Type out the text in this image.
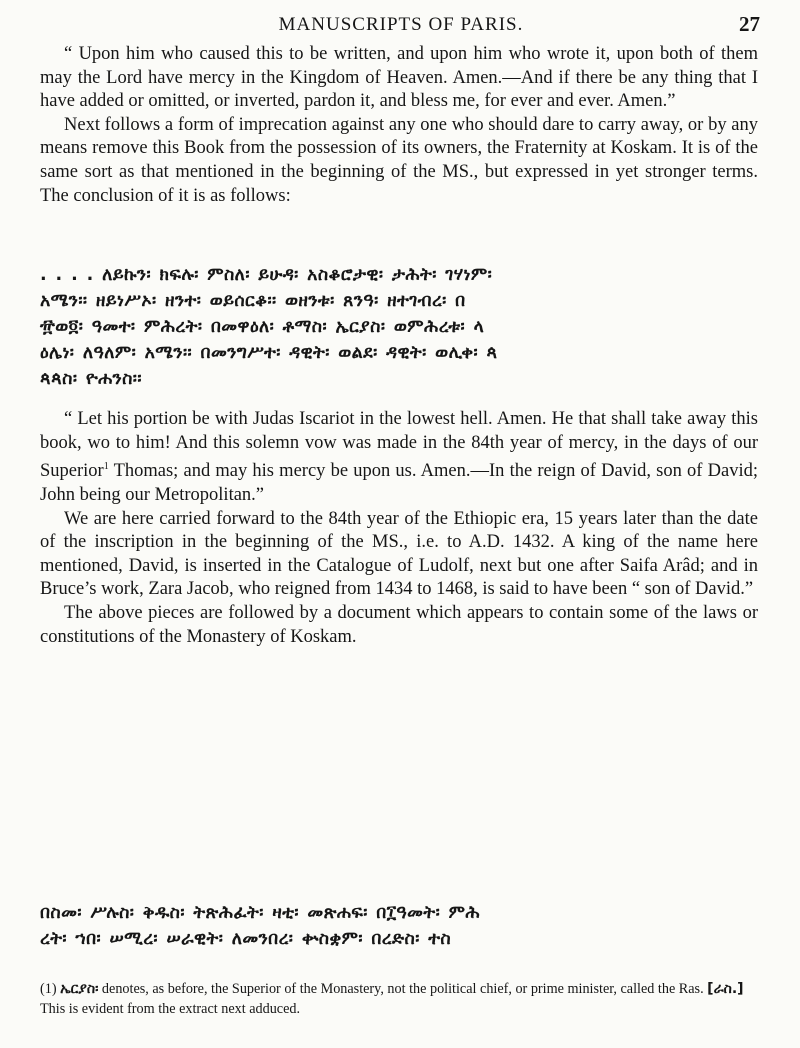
MANUSCRIPTS OF PARIS.	27

“ Upon him who caused this to be written, and upon him who wrote it, upon both of them may the Lord have mercy in the Kingdom of Heaven. Amen.—And if there be any thing that I have added or omitted, or inverted, pardon it, and bless me, for ever and ever. Amen.”

Next follows a form of imprecation against any one who should dare to carry away, or by any means remove this Book from the possession of its owners, the Fraternity at Koskam. It is of the same sort as that mentioned in the beginning of the MS., but expressed in yet stronger terms. The conclusion of it is as follows:

. . . . ለይኩን፡ ክፍሉ፡ ምስለ፡ ይሁዳ፡ አስቆሮታዊ፡ ታሕት፡ ገሃነም፡
አሜን፡፡ ዘይነሥኦ፡ ዘንተ፡ ወይሰርቆ፡፡ ወዘንቱ፡ ጸንዓ፡ ዘተገብረ፡ በ
፹ወ፬፡ ዓመተ፡ ምሕረት፡ በመዋዕለ፡ ቶማስ፡ ኤርያስ፡ ወምሕረቱ፡ ላ
ዕሌነ፡ ለዓለም፡ አሜን፡፡ በመንግሥተ፡ ዳዊት፡ ወልደ፡ ዳዊት፡ ወሊቀ፡ ጳ
ጳጳስ፡ ዮሐንስ፡፡

“ Let his portion be with Judas Iscariot in the lowest hell. Amen. He that shall take away this book, wo to him! And this solemn vow was made in the 84th year of mercy, in the days of our Superior$^1$ Thomas; and may his mercy be upon us. Amen.—In the reign of David, son of David; John being our Metropolitan.”

We are here carried forward to the 84th year of the Ethiopic era, 15 years later than the date of the inscription in the beginning of the MS., i.e. to A.D. 1432. A king of the name here mentioned, David, is inserted in the Catalogue of Ludolf, next but one after Saifa Arâd; and in Bruce’s work, Zara Jacob, who reigned from 1434 to 1468, is said to have been “ son of David.”

The above pieces are followed by a document which appears to contain some of the laws or constitutions of the Monastery of Koskam.

በስመ፡ ሥሉስ፡ ቅዱስ፡ ትጽሕፈት፡ ዛቲ፡ መጽሐፍ፡ በ፲ዓመት፡ ምሕ
ረት፡ ኀበ፡ ሠሚረ፡ ሠራዊት፡ ለመንበረ፡ ቍስቋም፡ በረድስ፡ ተስ
(1) ኤርያስ፡ denotes, as before, the Superior of the Monastery, not the political chief, or prime minister, called the Ras. [ራስ.] This is evident from the extract next adduced.
